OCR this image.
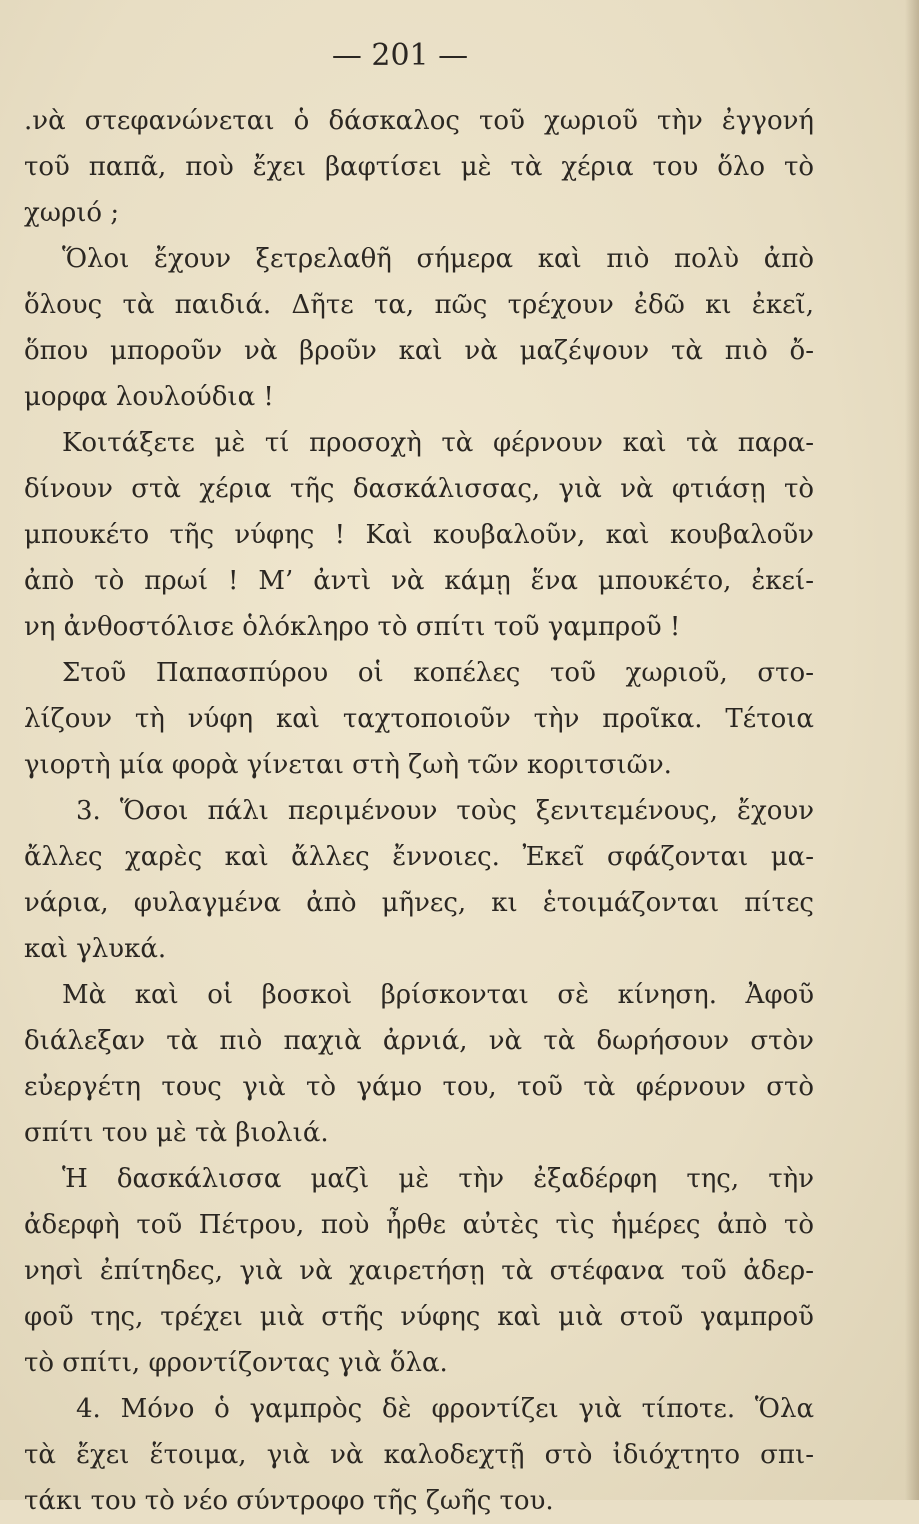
— 201 —
.νὰ στεφανώνεται ὁ δάσκαλος τοῦ χωριοῦ τὴν ἐγγονή
τοῦ παπᾶ, ποὺ ἔχει βαφτίσει μὲ τὰ χέρια του ὅλο τὸ
χωριό ;
Ὅλοι ἔχουν ξετρελαθῆ σήμερα καὶ πιὸ πολὺ ἀπὸ
ὅλους τὰ παιδιά. Δῆτε τα, πῶς τρέχουν ἐδῶ κι ἐκεῖ,
ὅπου μποροῦν νὰ βροῦν καὶ νὰ μαζέψουν τὰ πιὸ ὄ-
μορφα λουλούδια !
Κοιτάξετε μὲ τί προσοχὴ τὰ φέρνουν καὶ τὰ παρα-
δίνουν στὰ χέρια τῆς δασκάλισσας, γιὰ νὰ φτιάσῃ τὸ
μπουκέτο τῆς νύφης ! Καὶ κουβαλοῦν, καὶ κουβαλοῦν
ἀπὸ τὸ πρωί ! Μ’ ἀντὶ νὰ κάμῃ ἕνα μπουκέτο, ἐκεί-
νη ἀνθοστόλισε ὁλόκληρο τὸ σπίτι τοῦ γαμπροῦ !
Στοῦ Παπασπύρου οἱ κοπέλες τοῦ χωριοῦ, στο-
λίζουν τὴ νύφη καὶ ταχτοποιοῦν τὴν προῖκα. Τέτοια
γιορτὴ μία φορὰ γίνεται στὴ ζωὴ τῶν κοριτσιῶν.
3. Ὅσοι πάλι περιμένουν τοὺς ξενιτεμένους, ἔχουν
ἄλλες χαρὲς καὶ ἄλλες ἔννοιες. Ἐκεῖ σφάζονται μα-
νάρια, φυλαγμένα ἀπὸ μῆνες, κι ἑτοιμάζονται πίτες
καὶ γλυκά.
Μὰ καὶ οἱ βοσκοὶ βρίσκονται σὲ κίνηση. Ἀφοῦ
διάλεξαν τὰ πιὸ παχιὰ ἀρνιά, νὰ τὰ δωρήσουν στὸν
εὐεργέτη τους γιὰ τὸ γάμο του, τοῦ τὰ φέρνουν στὸ
σπίτι του μὲ τὰ βιολιά.
Ἡ δασκάλισσα μαζὶ μὲ τὴν ἐξαδέρφη της, τὴν
ἀδερφὴ τοῦ Πέτρου, ποὺ ἦρθε αὐτὲς τὶς ἡμέρες ἀπὸ τὸ
νησὶ ἐπίτηδες, γιὰ νὰ χαιρετήσῃ τὰ στέφανα τοῦ ἀδερ-
φοῦ της, τρέχει μιὰ στῆς νύφης καὶ μιὰ στοῦ γαμπροῦ
τὸ σπίτι, φροντίζοντας γιὰ ὅλα.
4. Μόνο ὁ γαμπρὸς δὲ φροντίζει γιὰ τίποτε. Ὅλα
τὰ ἔχει ἕτοιμα, γιὰ νὰ καλοδεχτῇ στὸ ἰδιόχτητο σπι-
τάκι του τὸ νέο σύντροφο τῆς ζωῆς του.
